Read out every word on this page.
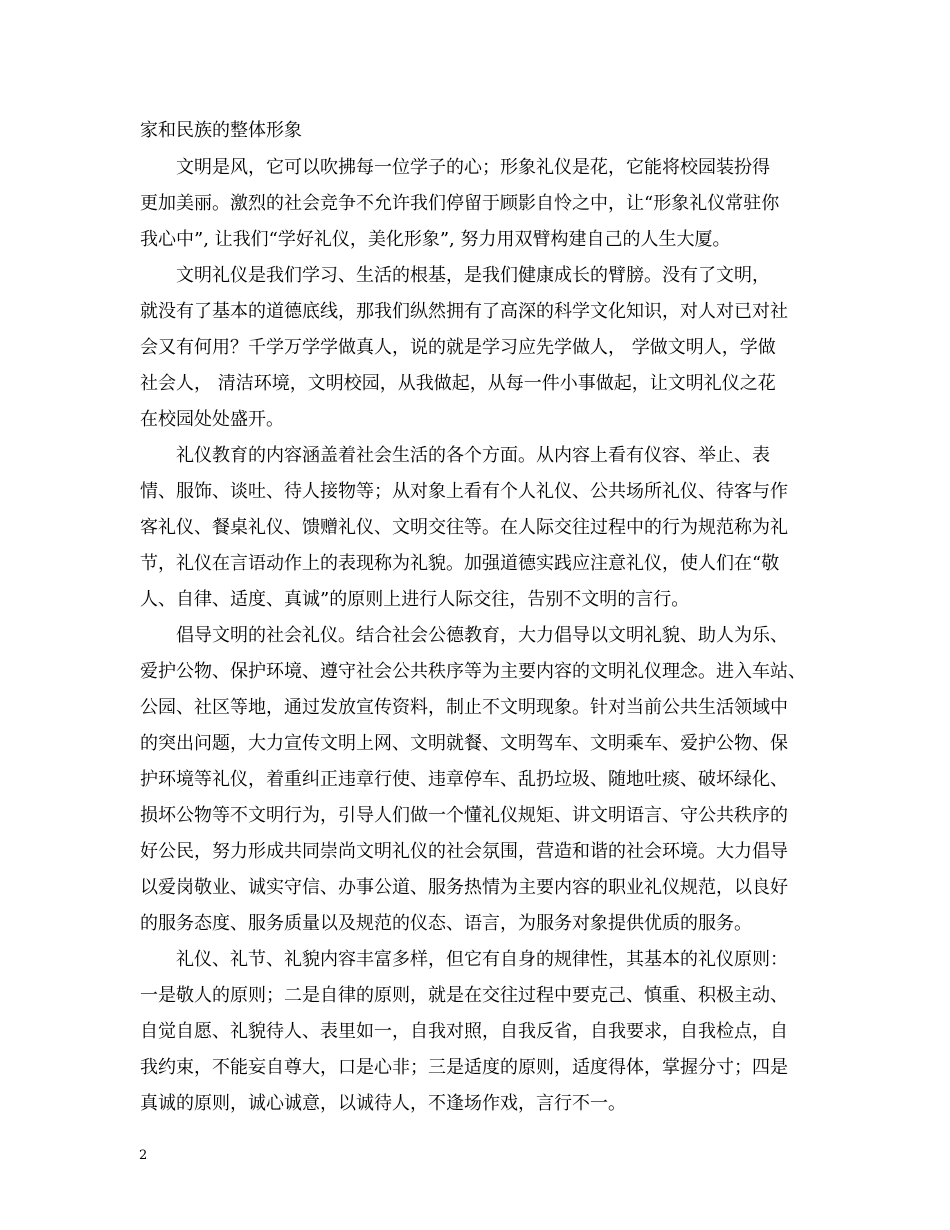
家和民族的整体形象
　　文明是风，它可以吹拂每一位学子的心；形象礼仪是花，它能将校园装扮得
更加美丽。激烈的社会竞争不允许我们停留于顾影自怜之中，让“形象礼仪常驻你
我心中”, 让我们“学好礼仪，美化形象”, 努力用双臂构建自己的人生大厦。
　　文明礼仪是我们学习、生活的根基，是我们健康成长的臂膀。没有了文明，
就没有了基本的道德底线，那我们纵然拥有了高深的科学文化知识，对人对已对社
会又有何用？千学万学学做真人，说的就是学习应先学做人， 学做文明人，学做
社会人， 清洁环境，文明校园，从我做起，从每一件小事做起，让文明礼仪之花
在校园处处盛开。
　　礼仪教育的内容涵盖着社会生活的各个方面。从内容上看有仪容、举止、表
情、服饰、谈吐、待人接物等；从对象上看有个人礼仪、公共场所礼仪、待客与作
客礼仪、餐桌礼仪、馈赠礼仪、文明交往等。在人际交往过程中的行为规范称为礼
节，礼仪在言语动作上的表现称为礼貌。加强道德实践应注意礼仪，使人们在“敬
人、自律、适度、真诚”的原则上进行人际交往，告别不文明的言行。
　　倡导文明的社会礼仪。结合社会公德教育，大力倡导以文明礼貌、助人为乐、
爱护公物、保护环境、遵守社会公共秩序等为主要内容的文明礼仪理念。进入车站、
公园、社区等地，通过发放宣传资料，制止不文明现象。针对当前公共生活领域中
的突出问题，大力宣传文明上网、文明就餐、文明驾车、文明乘车、爱护公物、保
护环境等礼仪，着重纠正违章行使、违章停车、乱扔垃圾、随地吐痰、破坏绿化、
损坏公物等不文明行为，引导人们做一个懂礼仪规矩、讲文明语言、守公共秩序的
好公民，努力形成共同崇尚文明礼仪的社会氛围，营造和谐的社会环境。大力倡导
以爱岗敬业、诚实守信、办事公道、服务热情为主要内容的职业礼仪规范，以良好
的服务态度、服务质量以及规范的仪态、语言，为服务对象提供优质的服务。
　　礼仪、礼节、礼貌内容丰富多样，但它有自身的规律性，其基本的礼仪原则：
一是敬人的原则；二是自律的原则，就是在交往过程中要克己、慎重、积极主动、
自觉自愿、礼貌待人、表里如一，自我对照，自我反省，自我要求，自我检点，自
我约束，不能妄自尊大，口是心非；三是适度的原则，适度得体，掌握分寸；四是
真诚的原则，诚心诚意，以诚待人，不逢场作戏，言行不一。
2
